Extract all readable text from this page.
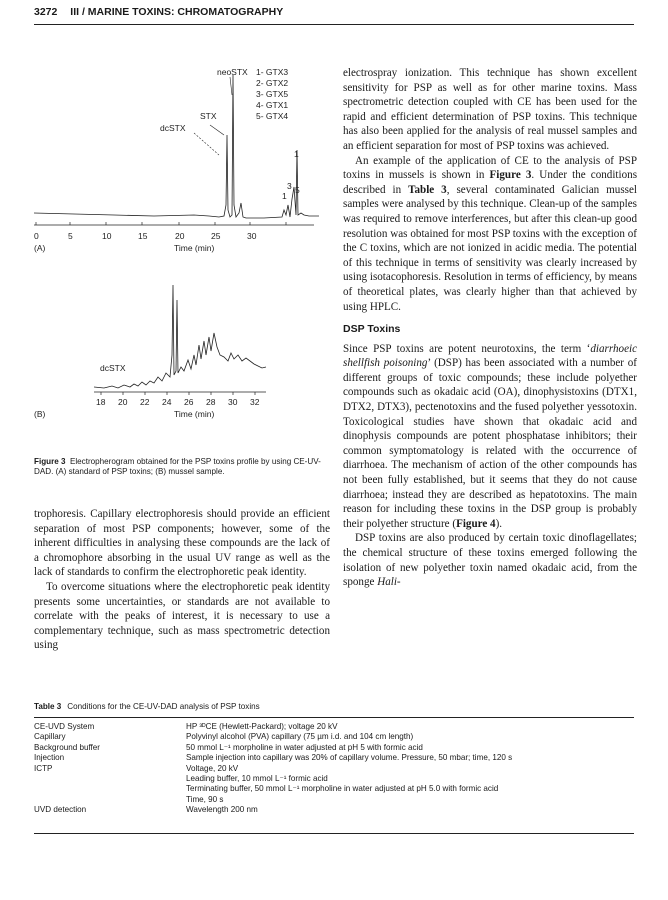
3272 III / MARINE TOXINS: CHROMATOGRAPHY
neoSTX
STX
dcSTX
1- GTX3
2- GTX2
3- GTX5
4- GTX1
5- GTX4
1
3
1
5
0	5	10	15	20	25	30
(A)	Time (min)
dcSTX
18 20 22 24 26 28 30 32
(B)	Time (min)
Figure 3 Electropherogram obtained for the PSP toxins profile by using CE-UV-DAD. (A) standard of PSP toxins; (B) mussel sample.

trophoresis. Capillary electrophoresis should provide an efficient separation of most PSP components; however, some of the inherent difficulties in analysing these compounds are the lack of a chromophore absorbing in the usual UV range as well as the lack of standards to confirm the electrophoretic peak identity.

To overcome situations where the electrophoretic peak identity presents some uncertainties, or standards are not available to correlate with the peaks of interest, it is necessary to use a complementary technique, such as mass spectrometric detection using

electrospray ionization. This technique has shown excellent sensitivity for PSP as well as for other marine toxins. Mass spectrometric detection coupled with CE has been used for the rapid and efficient determination of PSP toxins. This technique has also been applied for the analysis of real mussel samples and an efficient separation for most of PSP toxins was achieved.

An example of the application of CE to the analysis of PSP toxins in mussels is shown in Figure 3. Under the conditions described in Table 3, several contaminated Galician mussel samples were analysed by this technique. Clean-up of the samples was required to remove interferences, but after this clean-up good resolution was obtained for most PSP toxins with the exception of the C toxins, which are not ionized in acidic media. The potential of this technique in terms of sensitivity was clearly increased by using isotacophoresis. Resolution in terms of efficiency, by means of theoretical plates, was clearly higher than that achieved by using HPLC.

DSP Toxins

Since PSP toxins are potent neurotoxins, the term ‘diarrhoeic shellfish poisoning’ (DSP) has been associated with a number of different groups of toxic compounds; these include polyether compounds such as okadaic acid (OA), dinophysistoxins (DTX1, DTX2, DTX3), pectenotoxins and the fused polyether yessotoxin. Toxicological studies have shown that okadaic acid and dinophysis compounds are potent phosphatase inhibitors; their common symptomatology is related with the occurrence of diarrhoea. The mechanism of action of the other compounds has not been fully established, but it seems that they do not cause diarrhoea; instead they are described as hepatotoxins. The main reason for including these toxins in the DSP group is probably their polyether structure (Figure 4).

DSP toxins are also produced by certain toxic dinoflagellates; the chemical structure of these toxins emerged following the isolation of new polyether toxin named okadaic acid, from the sponge Hali-

Table 3 Conditions for the CE-UV-DAD analysis of PSP toxins
CE-UVD System	HP ³ᴰCE (Hewlett-Packard); voltage 20 kV
Capillary	Polyvinyl alcohol (PVA) capillary (75 µm i.d. and 104 cm length)
Background buffer	50 mmol L⁻¹ morpholine in water adjusted at pH 5 with formic acid
Injection	Sample injection into capillary was 20% of capillary volume. Pressure, 50 mbar; time, 120 s
ICTP	Voltage, 20 kV
Leading buffer, 10 mmol L⁻¹ formic acid
Terminating buffer, 50 mmol L⁻¹ morpholine in water adjusted at pH 5.0 with formic acid
Time, 90 s
UVD detection	Wavelength 200 nm
